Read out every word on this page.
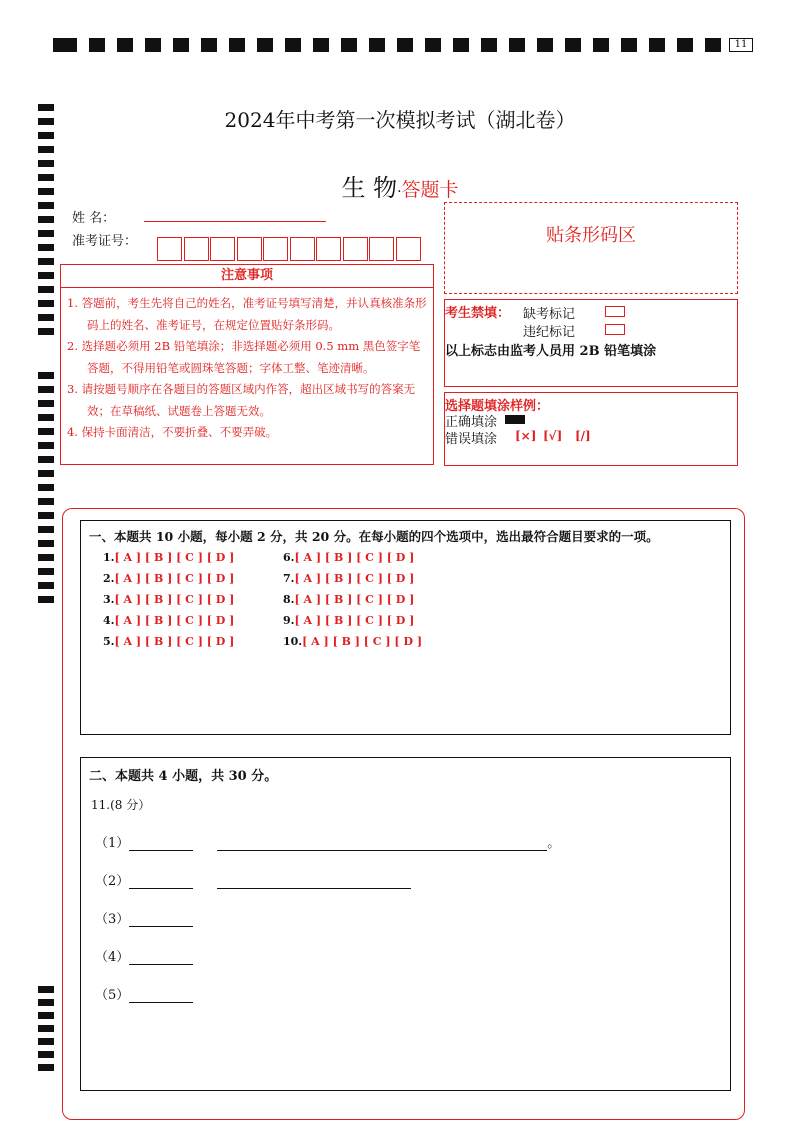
11
2024年中考第一次模拟考试（湖北卷）
生 物·答题卡
姓 名：
准考证号：	贴条形码区
注意事项
1. 答题前，考生先将自己的姓名，准考证号填写清楚，并认真核准条形码上的姓名、准考证号，在规定位置贴好条形码。
2. 选择题必须用 2B 铅笔填涂；非选择题必须用 0.5 mm 黑色签字笔答题，不得用铅笔或圆珠笔答题；字体工整、笔迹清晰。
3. 请按题号顺序在各题目的答题区域内作答，超出区域书写的答案无效；在草稿纸、试题卷上答题无效。
4. 保持卡面清洁，不要折叠、不要弄破。
考生禁填： 缺考标记
违纪标记
以上标志由监考人员用 2B 铅笔填涂
选择题填涂样例：
正确填涂
错误填涂 [×] [√] [/]
一、本题共 10 小题，每小题 2 分，共 20 分。在每小题的四个选项中，选出最符合题目要求的一项。
1.[ A ] [ B ] [ C ] [ D ]
2.[ A ] [ B ] [ C ] [ D ]
3.[ A ] [ B ] [ C ] [ D ]
4.[ A ] [ B ] [ C ] [ D ]
5.[ A ] [ B ] [ C ] [ D ]
6.[ A ] [ B ] [ C ] [ D ]
7.[ A ] [ B ] [ C ] [ D ]
8.[ A ] [ B ] [ C ] [ D ]
9.[ A ] [ B ] [ C ] [ D ]
10.[ A ] [ B ] [ C ] [ D ]
二、本题共 4 小题，共 30 分。
11.(8 分）
（1）	。
（2）
（3）
（4）
（5）
